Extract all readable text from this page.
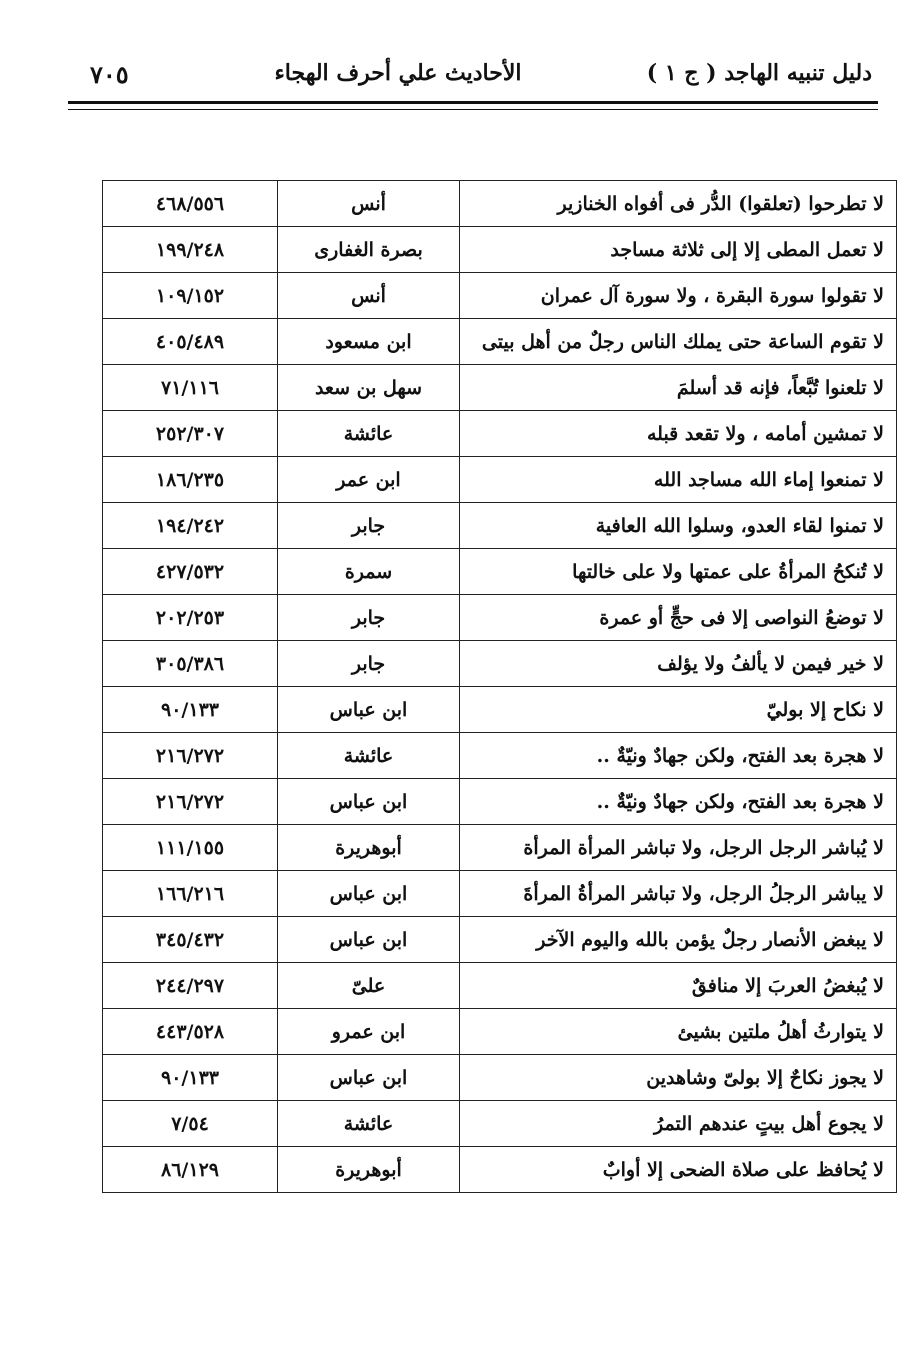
٧٠٥	الأحاديث علي أحرف الهجاء	دليل تنبيه الهاجد ( ج ١ )
لا تطرحوا (تعلقوا) الدُّر فى أفواه الخنازير	أنس	٤٦٨/٥٥٦
لا تعمل المطى إلا إلى ثلاثة مساجد	بصرة الغفارى	١٩٩/٢٤٨
لا تقولوا سورة البقرة ، ولا سورة آل عمران	أنس	١٠٩/١٥٢
لا تقوم الساعة حتى يملك الناس رجلٌ من أهل بيتى	ابن مسعود	٤٠٥/٤٨٩
لا تلعنوا تُبَّعاً، فإنه قد أسلمَ	سهل بن سعد	٧١/١١٦
لا تمشين أمامه ، ولا تقعد قبله	عائشة	٢٥٢/٣٠٧
لا تمنعوا إماء الله مساجد الله	ابن عمر	١٨٦/٢٣٥
لا تمنوا لقاء العدو، وسلوا الله العافية	جابر	١٩٤/٢٤٢
لا تُنكحُ المرأةُ على عمتها ولا على خالتها	سمرة	٤٢٧/٥٣٢
لا توضعُ النواصى إلا فى حجٍّ أو عمرة	جابر	٢٠٢/٢٥٣
لا خير فيمن لا يألفُ ولا يؤلف	جابر	٣٠٥/٣٨٦
لا نكاح إلا بوليّ	ابن عباس	٩٠/١٣٣
لا هجرة بعد الفتح، ولكن جهادٌ ونيّةٌ ..	عائشة	٢١٦/٢٧٢
لا هجرة بعد الفتح، ولكن جهادٌ ونيّةٌ ..	ابن عباس	٢١٦/٢٧٢
لا يُباشر الرجل الرجل، ولا تباشر المرأة المرأة	أبوهريرة	١١١/١٥٥
لا يباشر الرجلُ الرجل، ولا تباشر المرأةُ المرأةَ	ابن عباس	١٦٦/٢١٦
لا يبغض الأنصار رجلٌ يؤمن بالله واليوم الآخر	ابن عباس	٣٤٥/٤٣٢
لا يُبغضُ العربَ إلا منافقٌ	علىّ	٢٤٤/٢٩٧
لا يتوارثُ أهلُ ملتين بشيئ	ابن عمرو	٤٤٣/٥٢٨
لا يجوز نكاحٌ إلا بولىّ وشاهدين	ابن عباس	٩٠/١٣٣
لا يجوع أهل بيتٍ عندهم التمرُ	عائشة	٧/٥٤
لا يُحافظ على صلاة الضحى إلا أوابٌ	أبوهريرة	٨٦/١٢٩
